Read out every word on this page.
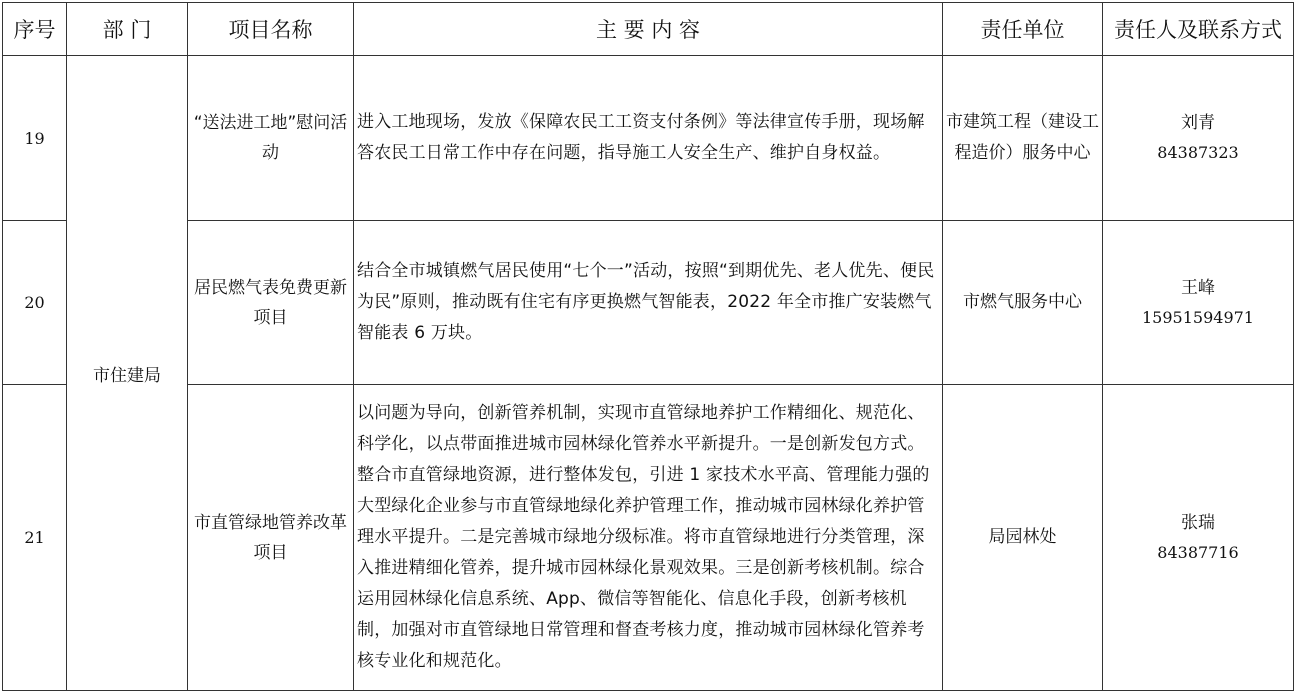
序号	部 门	项目名称	主 要 内 容	责任单位	责任人及联系方式
19	市住建局	“送法进工地”慰问活动	进入工地现场，发放《保障农民工工资支付条例》等法律宣传手册，现场解答农民工日常工作中存在问题，指导施工人安全生产、维护自身权益。	市建筑工程（建设工程造价）服务中心	刘青
84387323

20		居民燃气表免费更新项目	结合全市城镇燃气居民使用“七个一”活动，按照“到期优先、老人优先、便民为民”原则，推动既有住宅有序更换燃气智能表，2022 年全市推广安装燃气智能表 6 万块。	市燃气服务中心	王峰
15951594971

21		市直管绿地管养改革项目	以问题为导向，创新管养机制，实现市直管绿地养护工作精细化、规范化、科学化，以点带面推进城市园林绿化管养水平新提升。一是创新发包方式。整合市直管绿地资源，进行整体发包，引进 1 家技术水平高、管理能力强的大型绿化企业参与市直管绿地绿化养护管理工作，推动城市园林绿化养护管理水平提升。二是完善城市绿地分级标准。将市直管绿地进行分类管理，深入推进精细化管养，提升城市园林绿化景观效果。三是创新考核机制。综合运用园林绿化信息系统、App、微信等智能化、信息化手段，创新考核机制，加强对市直管绿地日常管理和督查考核力度，推动城市园林绿化管养考核专业化和规范化。	局园林处	张瑞
84387716
